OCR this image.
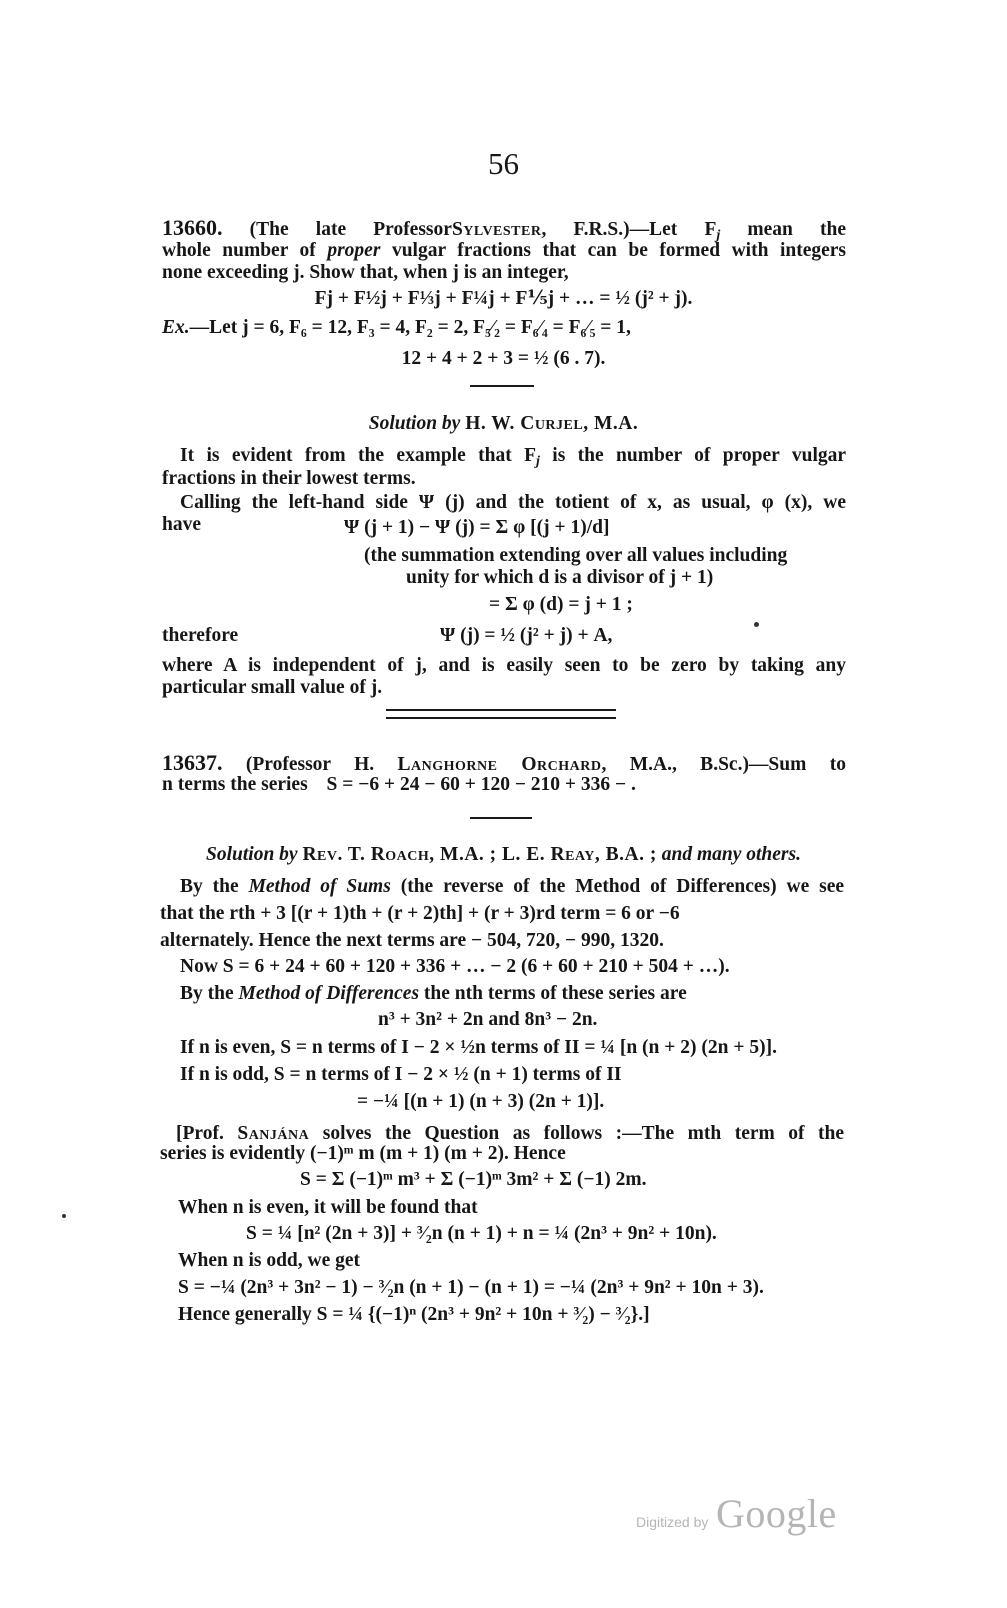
56
13660. (The late ProfessorSylvester, F.R.S.)—Let $F_j$ mean the
whole number of proper vulgar fractions that can be formed with integers
none exceeding j. Show that, when j is an integer,
Fj + F½j + F⅓j + F¼j + F⅕j + … = ½ (j² + j).
Ex.—Let j = 6, F₆ = 12, F₃ = 4, F₂ = 2, F₅⁄₂ = F₆⁄₄ = F₆⁄₅ = 1,
12 + 4 + 2 + 3 = ½ (6 . 7).
Solution by H. W. Curjel, M.A.
It is evident from the example that $F_j$ is the number of proper vulgar
fractions in their lowest terms.
Calling the left-hand side Ψ (j) and the totient of x, as usual, φ (x), we
have	Ψ (j + 1) − Ψ (j) = Σ φ [(j + 1)/d]
(the summation extending over all values including
unity for which d is a divisor of j + 1)
= Σ φ (d) = j + 1 ;
therefore	Ψ (j) = ½ (j² + j) + A,
where A is independent of j, and is easily seen to be zero by taking any
particular small value of j.
13637. (Professor H. Langhorne Orchard, M.A., B.Sc.)—Sum to
n terms the series S = −6 + 24 − 60 + 120 − 210 + 336 − .
Solution by Rev. T. Roach, M.A. ; L. E. Reay, B.A. ; and many others.
By the Method of Sums (the reverse of the Method of Differences) we see
that the rth + 3 [(r + 1)th + (r + 2)th] + (r + 3)rd term = 6 or −6
alternately. Hence the next terms are − 504, 720, − 990, 1320.
Now S = 6 + 24 + 60 + 120 + 336 + … − 2 (6 + 60 + 210 + 504 + …).
By the Method of Differences the nth terms of these series are
n³ + 3n² + 2n and 8n³ − 2n.
If n is even, S = n terms of I − 2 × ½n terms of II = ¼ [n (n + 2) (2n + 5)].
If n is odd, S = n terms of I − 2 × ½ (n + 1) terms of II
= −¼ [(n + 1) (n + 3) (2n + 1)].
[Prof. Sanjána solves the Question as follows :—The mth term of the
series is evidently (−1)ᵐ m (m + 1) (m + 2). Hence
S = Σ (−1)ᵐ m³ + Σ (−1)ᵐ 3m² + Σ (−1) 2m.
When n is even, it will be found that
S = ¼ [n² (2n + 3)] + ³⁄₂n (n + 1) + n = ¼ (2n³ + 9n² + 10n).
When n is odd, we get
S = −¼ (2n³ + 3n² − 1) − ³⁄₂n (n + 1) − (n + 1) = −¼ (2n³ + 9n² + 10n + 3).
Hence generally S = ¼ {(−1)ⁿ (2n³ + 9n² + 10n + ³⁄₂) − ³⁄₂}.]
Digitized by Google
